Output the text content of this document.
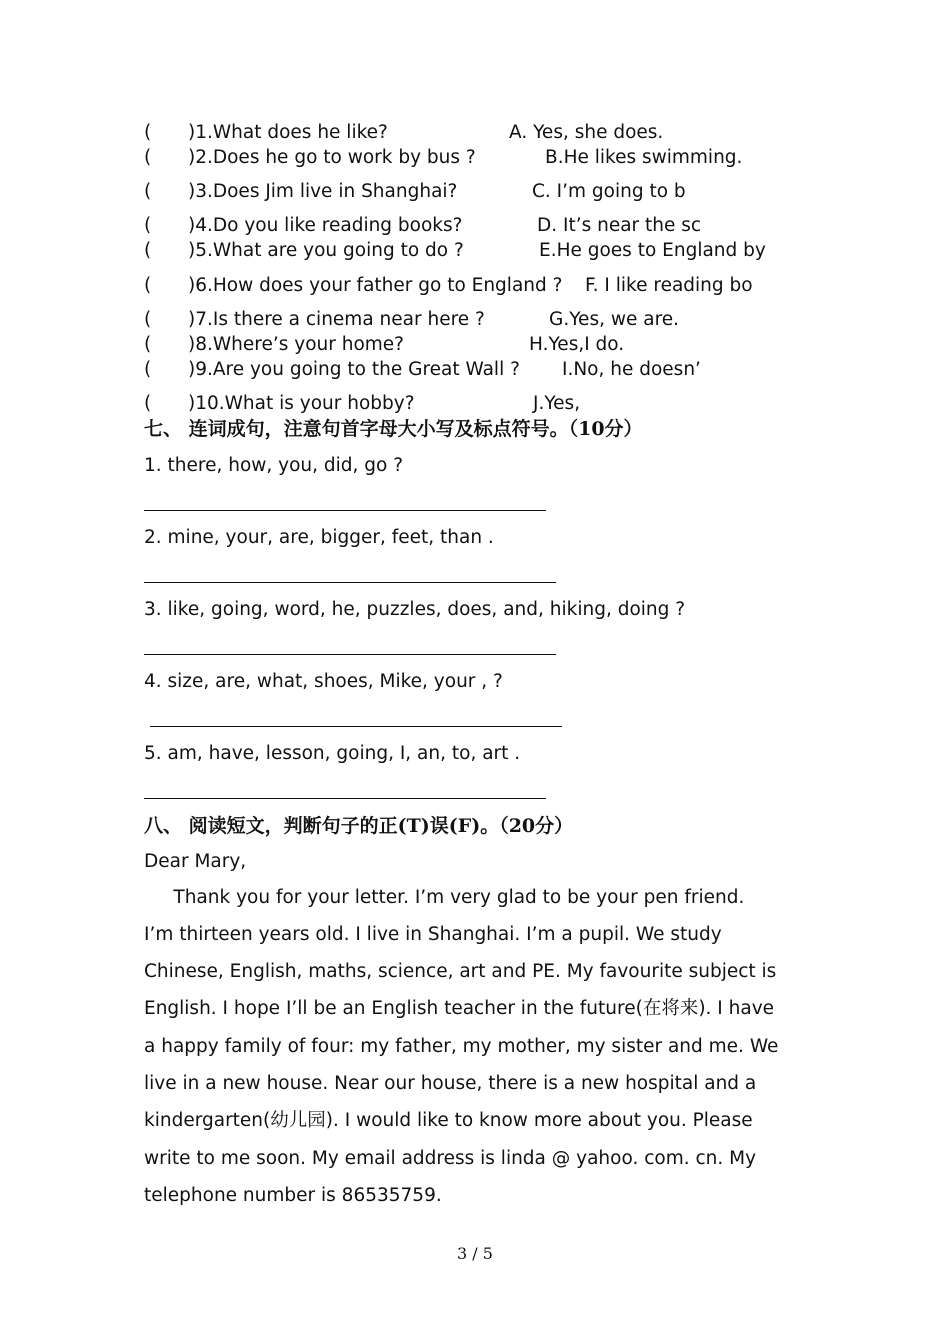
( )1.What does he like?	A. Yes, she does.
( )2.Does he go to work by bus ?	B.He likes swimming.
( )3.Does Jim live in Shanghai?	C. I’m going to b
( )4.Do you like reading books?	D. It’s near the sc
( )5.What are you going to do ?	E.He goes to England by
( )6.How does your father go to England ? F. I like reading bo
( )7.Is there a cinema near here ?	G.Yes, we are.
( )8.Where’s your home?	H.Yes,I do.
( )9.Are you going to the Great Wall ? I.No, he doesn’
( )10.What is your hobby?	J.Yes,
七、 连词成句，注意句首字母大小写及标点符号。（10分）
1. there, how, you, did, go ?
2. mine, your, are, bigger, feet, than .
3. like, going, word, he, puzzles, does, and, hiking, doing ?
4. size, are, what, shoes, Mike, your , ?
5. am, have, lesson, going, I, an, to, art .
八、 阅读短文，判断句子的正(T)误(F)。（20分）
Dear Mary,
Thank you for your letter. I’m very glad to be your pen friend.
I’m thirteen years old. I live in Shanghai. I’m a pupil. We study
Chinese, English, maths, science, art and PE. My favourite subject is
English. I hope I’ll be an English teacher in the future(在将来). I have
a happy family of four: my father, my mother, my sister and me. We
live in a new house. Near our house, there is a new hospital and a
kindergarten(幼儿园). I would like to know more about you. Please
write to me soon. My email address is linda @ yahoo. com. cn. My
telephone number is 86535759.
3 / 5
